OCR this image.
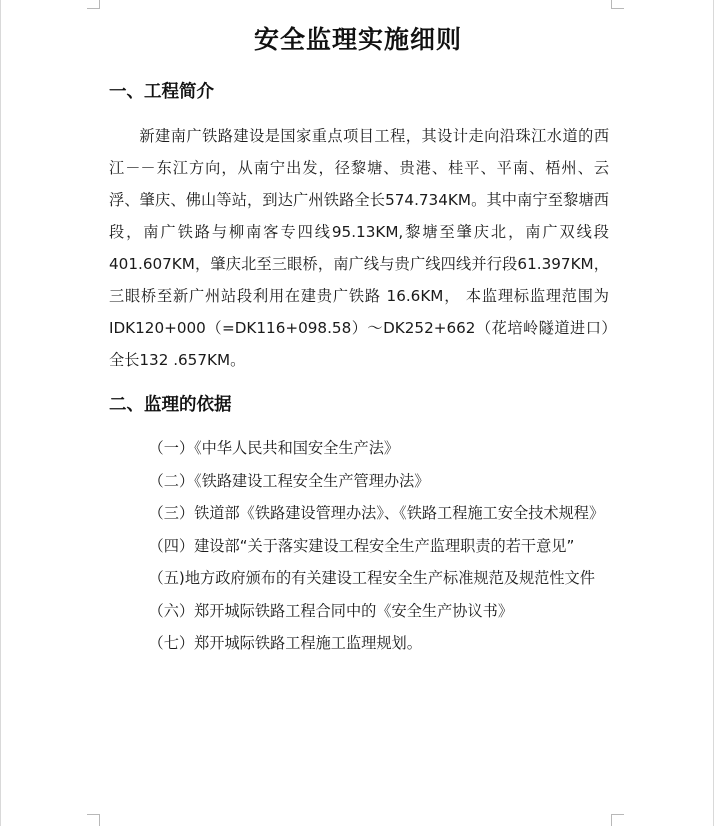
安全监理实施细则
一、工程简介

新建南广铁路建设是国家重点项目工程，其设计走向沿珠江水道的西江－－东江方向，从南宁出发，径黎塘、贵港、桂平、平南、梧州、云浮、肇庆、佛山等站，到达广州铁路全长574.734KM。其中南宁至黎塘西段，南广铁路与柳南客专四线95.13KM,黎塘至肇庆北，南广双线段401.607KM，肇庆北至三眼桥，南广线与贵广线四线并行段61.397KM，三眼桥至新广州站段利用在建贵广铁路 16.6KM， 本监理标监理范围为 IDK120+000（=DK116+098.58）～DK252+662（花培岭隧道进口）全长132 .657KM。

二、监理的依据
（一）《中华人民共和国安全生产法》
（二）《铁路建设工程安全生产管理办法》
（三）铁道部《铁路建设管理办法》、《铁路工程施工安全技术规程》
（四）建设部“关于落实建设工程安全生产监理职责的若干意见”
（五)地方政府颁布的有关建设工程安全生产标准规范及规范性文件
（六）郑开城际铁路工程合同中的《安全生产协议书》
（七）郑开城际铁路工程施工监理规划。
